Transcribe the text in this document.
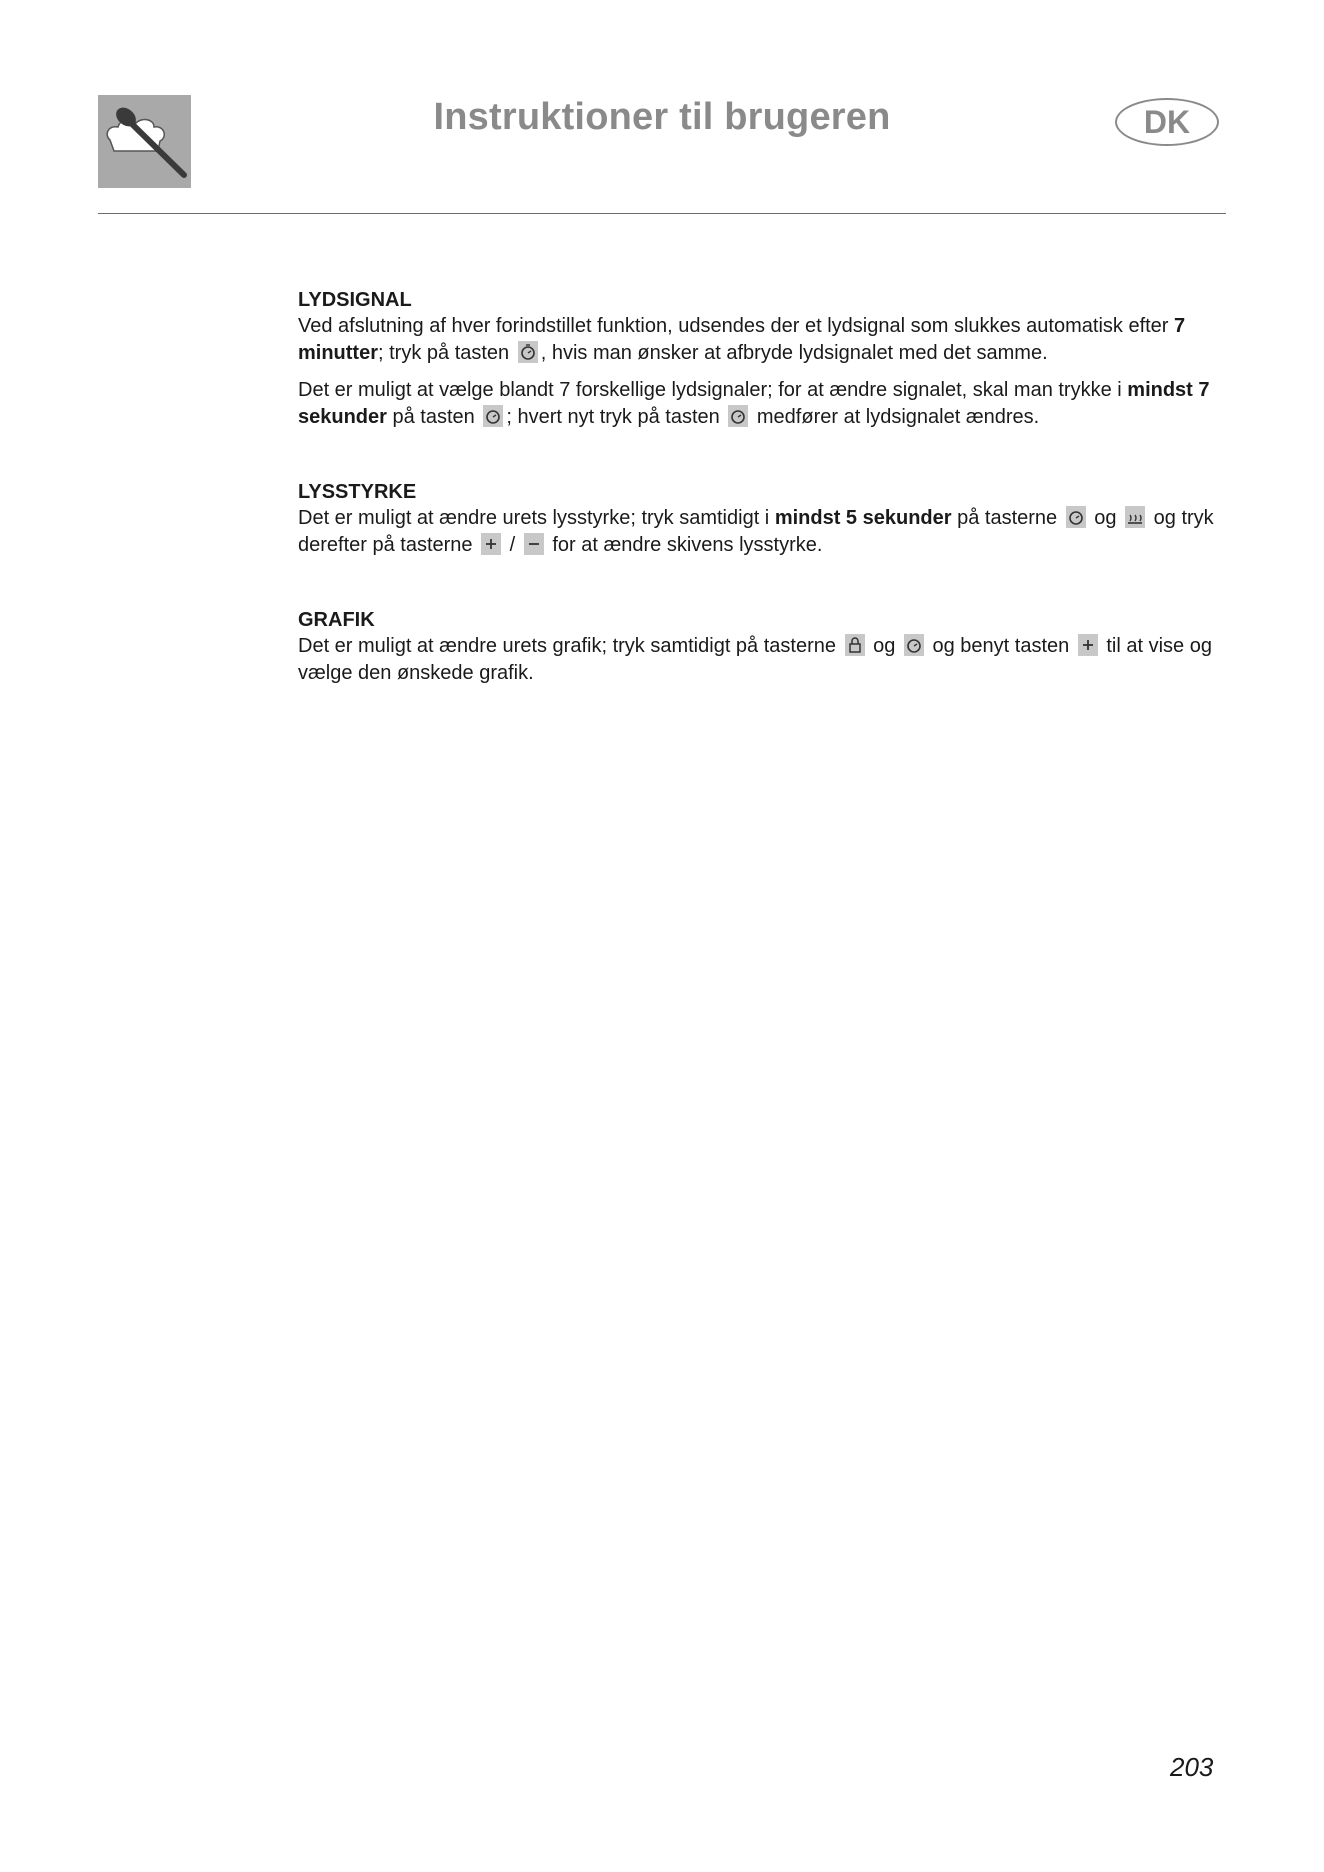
Instruktioner til brugeren	DK
LYDSIGNAL

Ved afslutning af hver forindstillet funktion, udsendes der et lydsignal som slukkes automatisk efter 7 minutter; tryk på tasten
, hvis man ønsker at afbryde lydsignalet med det samme.

Det er muligt at vælge blandt 7 forskellige lydsignaler; for at ændre signalet, skal man trykke i mindst 7 sekunder på tasten
; hvert nyt tryk på tasten
medfører at lydsignalet ændres.

LYSSTYRKE

Det er muligt at ændre urets lysstyrke; tryk samtidigt i mindst 5 sekunder på tasterne
og
og tryk derefter på tasterne
/
for at ændre skivens lysstyrke.

GRAFIK

Det er muligt at ændre urets grafik; tryk samtidigt på tasterne
og
og benyt tasten
til at vise og vælge den ønskede grafik.

203
